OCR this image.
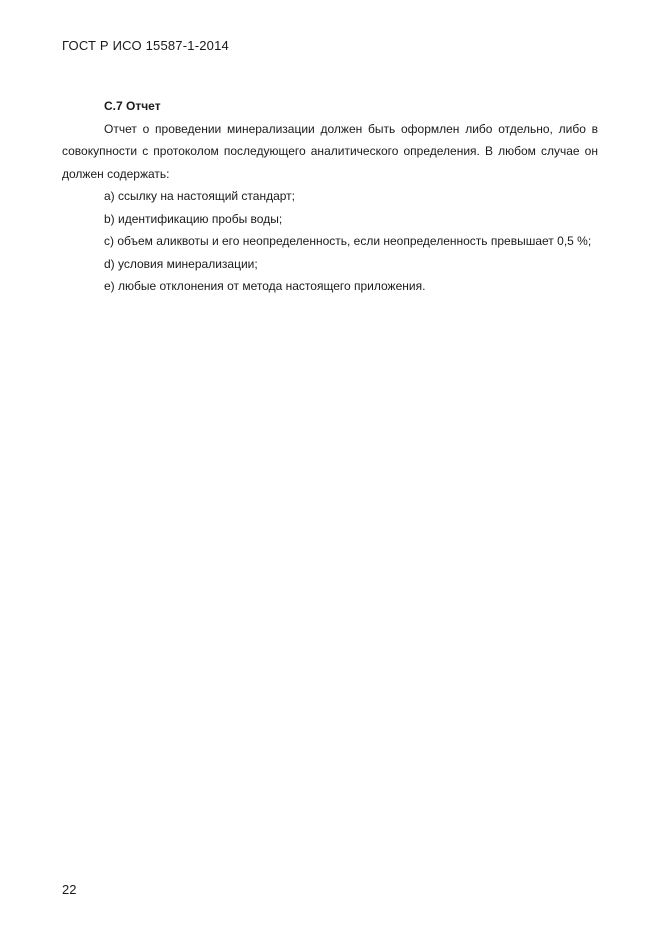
ГОСТ Р ИСО 15587-1-2014

С.7 Отчет

Отчет о проведении минерализации должен быть оформлен либо отдельно, либо в совокупности с протоколом последующего аналитического определения. В любом случае он должен содержать:

a) ссылку на настоящий стандарт;

b) идентификацию пробы воды;

c) объем аликвоты и его неопределенность, если неопределенность превышает 0,5 %;

d) условия минерализации;

e) любые отклонения от метода настоящего приложения.

22
